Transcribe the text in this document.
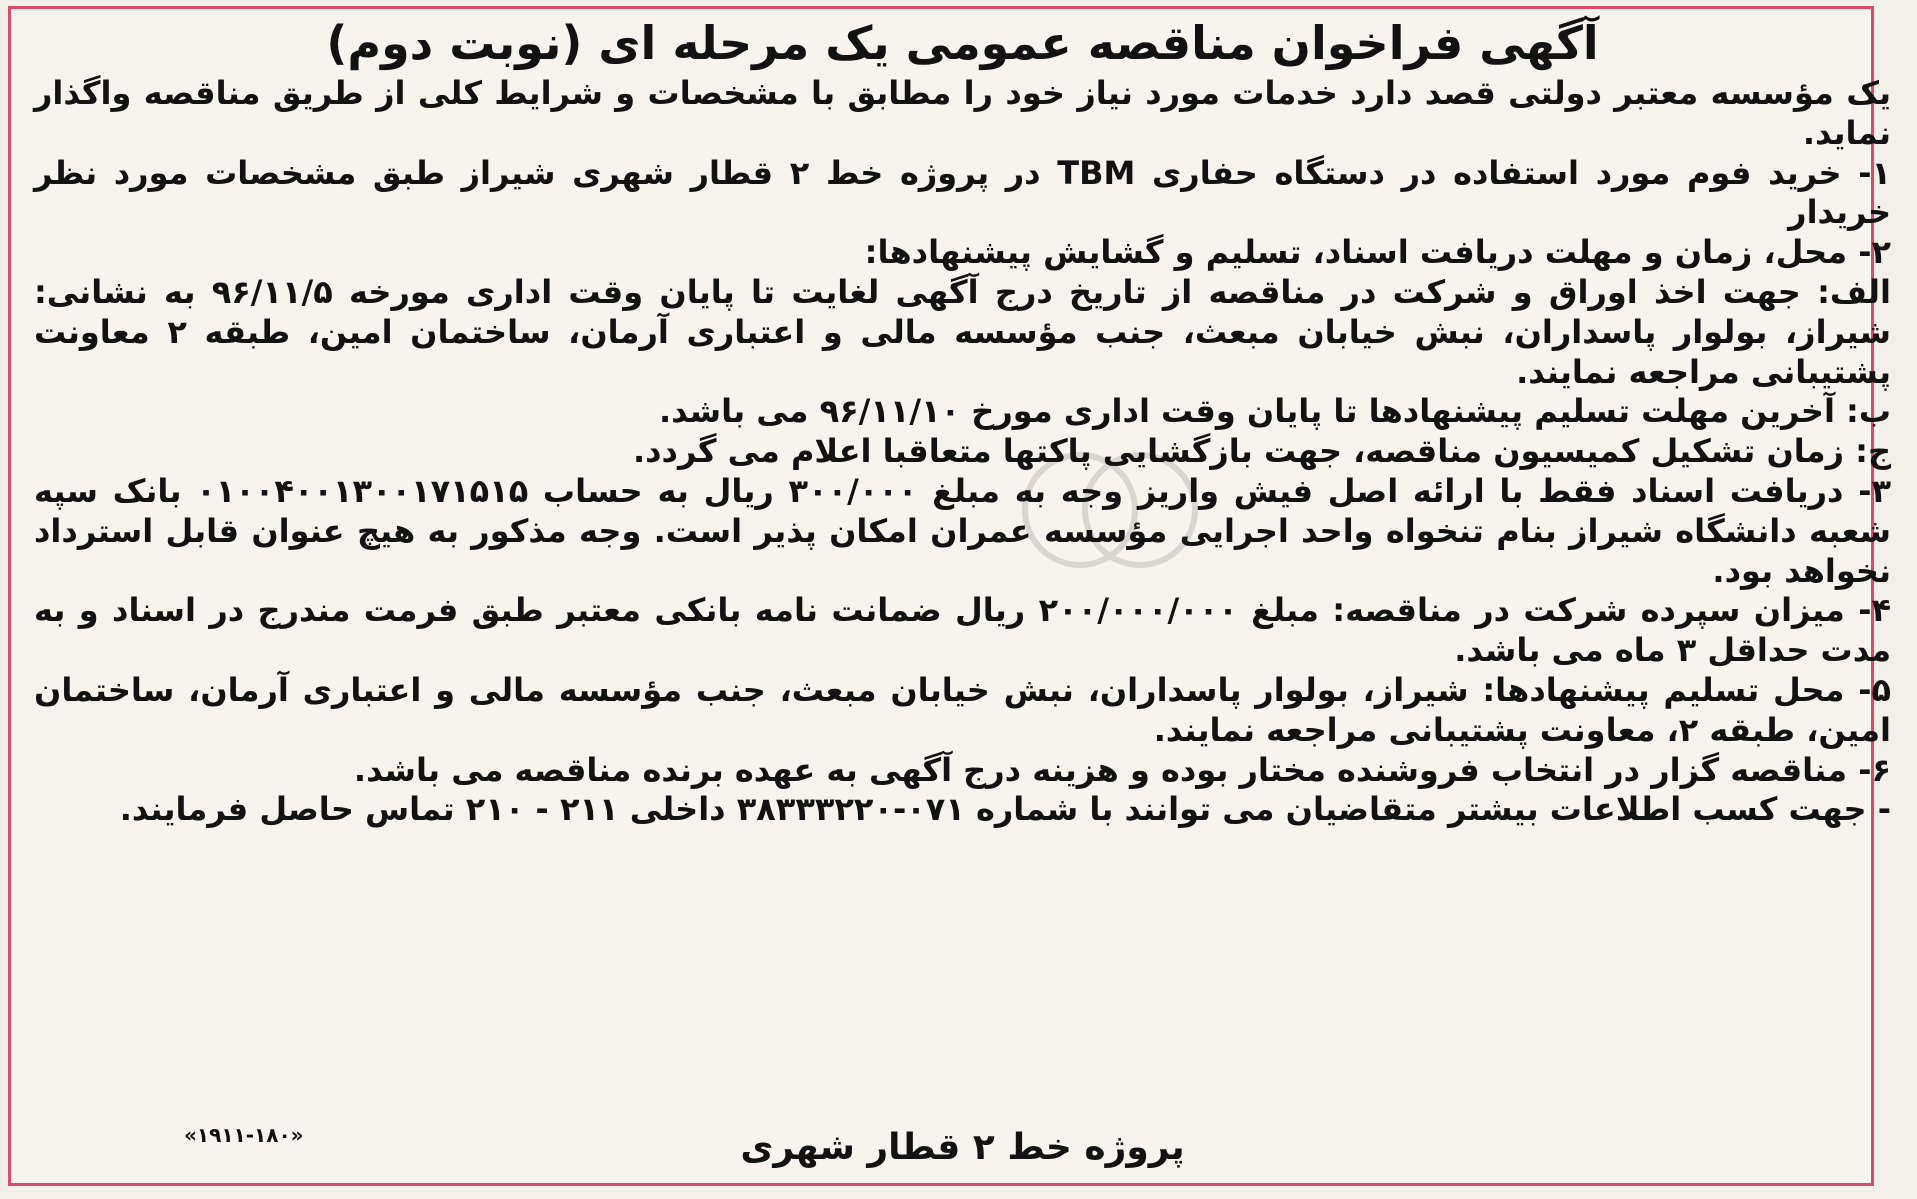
آگهی فراخوان مناقصه عمومی یک مرحله ای (نوبت دوم)

یک مؤسسه معتبر دولتی قصد دارد خدمات مورد نیاز خود را مطابق با مشخصات و شرایط کلی از طریق مناقصه واگذار نماید.

۱- خرید فوم مورد استفاده در دستگاه حفاری TBM در پروژه خط ۲ قطار شهری شیراز طبق مشخصات مورد نظر خریدار

۲- محل، زمان و مهلت دریافت اسناد، تسلیم و گشایش پیشنهادها:

الف: جهت اخذ اوراق و شرکت در مناقصه از تاریخ درج آگهی لغایت تا پایان وقت اداری مورخه ۹۶/۱۱/۵ به نشانی: شیراز، بولوار پاسداران، نبش خیابان مبعث، جنب مؤسسه مالی و اعتباری آرمان، ساختمان امین، طبقه ۲ معاونت پشتیبانی مراجعه نمایند.

ب: آخرین مهلت تسلیم پیشنهادها تا پایان وقت اداری مورخ ۹۶/۱۱/۱۰ می باشد.

ج: زمان تشکیل کمیسیون مناقصه، جهت بازگشایی پاکتها متعاقبا اعلام می گردد.

۳- دریافت اسناد فقط با ارائه اصل فیش واریز وجه به مبلغ ۳۰۰/۰۰۰ ریال به حساب ۰۱۰۰۴۰۰۱۳۰۰۱۷۱۵۱۵ بانک سپه شعبه دانشگاه شیراز بنام تنخواه واحد اجرایی مؤسسه عمران امکان پذیر است. وجه مذکور به هیچ عنوان قابل استرداد نخواهد بود.

۴- میزان سپرده شرکت در مناقصه: مبلغ ۲۰۰/۰۰۰/۰۰۰ ریال ضمانت نامه بانکی معتبر طبق فرمت مندرج در اسناد و به مدت حداقل ۳ ماه می باشد.

۵- محل تسلیم پیشنهادها: شیراز، بولوار پاسداران، نبش خیابان مبعث، جنب مؤسسه مالی و اعتباری آرمان، ساختمان امین، طبقه ۲، معاونت پشتیبانی مراجعه نمایند.

۶- مناقصه گزار در انتخاب فروشنده مختار بوده و هزینه درج آگهی به عهده برنده مناقصه می باشد.

- جهت کسب اطلاعات بیشتر متقاضیان می توانند با شماره ۰۷۱-۳۸۳۳۳۲۲۰ داخلی ۲۱۱ - ۲۱۰ تماس حاصل فرمایند.

پروژه خط ۲ قطار شهری
«۱۹۱۱-۱۸۰»
